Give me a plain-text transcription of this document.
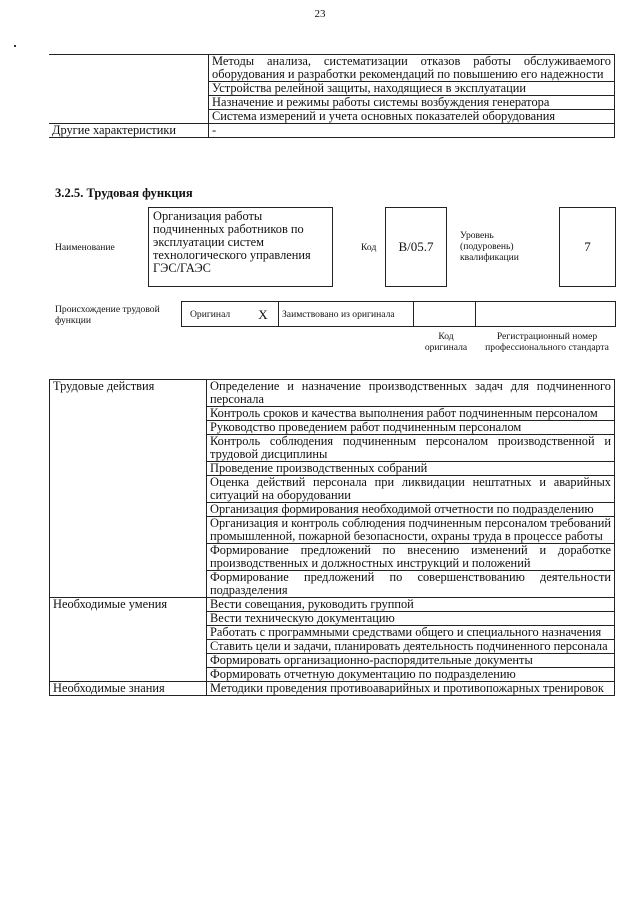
23
	Методы анализа, систематизации отказов работы обслуживаемого оборудования и разработки рекомендаций по повышению его надежности
	Устройства релейной защиты, находящиеся в эксплуатации
	Назначение и режимы работы системы возбуждения генератора
	Система измерений и учета основных показателей оборудования
Другие характеристики	-
3.2.5. Трудовая функция
Наименование
Организация работы подчиненных работников по эксплуатации систем технологического управления ГЭС/ГАЭС
Код	В/05.7
Уровень (подуровень) квалификации
7
Происхождение трудовой функции
Оригинал	X	Заимствовано из оригинала		
Код оригинала
Регистрационный номер профессионального стандарта
Трудовые действия	Определение и назначение производственных задач для подчиненного персонала
	Контроль сроков и качества выполнения работ подчиненным персоналом
	Руководство проведением работ подчиненным персоналом
	Контроль соблюдения подчиненным персоналом производственной и трудовой дисциплины
	Проведение производственных собраний
	Оценка действий персонала при ликвидации нештатных и аварийных ситуаций на оборудовании
	Организация формирования необходимой отчетности по подразделению
	Организация и контроль соблюдения подчиненным персоналом требований промышленной, пожарной безопасности, охраны труда в процессе работы
	Формирование предложений по внесению изменений и доработке производственных и должностных инструкций и положений
	Формирование предложений по совершенствованию деятельности подразделения
Необходимые умения	Вести совещания, руководить группой
	Вести техническую документацию
	Работать с программными средствами общего и специального назначения
	Ставить цели и задачи, планировать деятельность подчиненного персонала
	Формировать организационно-распорядительные документы
	Формировать отчетную документацию по подразделению
Необходимые знания	Методики проведения противоаварийных и противопожарных тренировок
